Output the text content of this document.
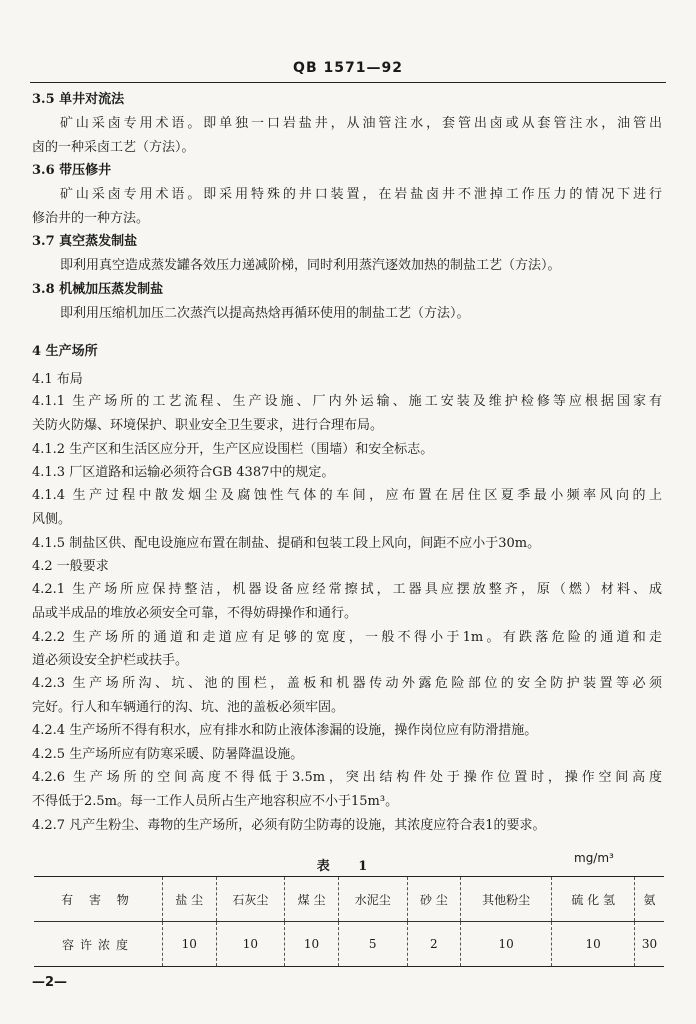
QB 1571—92
3.5 单井对流法
矿山采卤专用术语。即单独一口岩盐井，从油管注水，套管出卤或从套管注水，油管出
卤的一种采卤工艺（方法）。
3.6 带压修井
矿山采卤专用术语。即采用特殊的井口装置，在岩盐卤井不泄掉工作压力的情况下进行
修治井的一种方法。
3.7 真空蒸发制盐
即利用真空造成蒸发罐各效压力递减阶梯，同时利用蒸汽逐效加热的制盐工艺（方法）。
3.8 机械加压蒸发制盐
即利用压缩机加压二次蒸汽以提高热焓再循环使用的制盐工艺（方法）。
4 生产场所
4.1 布局
4.1.1 生产场所的工艺流程、生产设施、厂内外运输、施工安装及维护检修等应根据国家有
关防火防爆、环境保护、职业安全卫生要求，进行合理布局。
4.1.2 生产区和生活区应分开，生产区应设围栏（围墙）和安全标志。
4.1.3 厂区道路和运输必须符合GB 4387中的规定。
4.1.4 生产过程中散发烟尘及腐蚀性气体的车间，应布置在居住区夏季最小频率风向的上
风侧。
4.1.5 制盐区供、配电设施应布置在制盐、提硝和包装工段上风向，间距不应小于30m。
4.2 一般要求
4.2.1 生产场所应保持整洁，机器设备应经常擦拭，工器具应摆放整齐，原（燃）材料、成
品或半成品的堆放必须安全可靠，不得妨碍操作和通行。
4.2.2 生产场所的通道和走道应有足够的宽度，一般不得小于1m。有跌落危险的通道和走
道必须设安全护栏或扶手。
4.2.3 生产场所沟、坑、池的围栏，盖板和机器传动外露危险部位的安全防护装置等必须
完好。行人和车辆通行的沟、坑、池的盖板必须牢固。
4.2.4 生产场所不得有积水，应有排水和防止液体渗漏的设施，操作岗位应有防滑措施。
4.2.5 生产场所应有防寒采暖、防暑降温设施。
4.2.6 生产场所的空间高度不得低于3.5m，突出结构件处于操作位置时，操作空间高度
不得低于2.5m。每一工作人员所占生产地容积应不小于15m³。
4.2.7 凡产生粉尘、毒物的生产场所，必须有防尘防毒的设施，其浓度应符合表1的要求。
表 1
mg/m³
有 害 物	盐 尘	石灰尘	煤 尘	水泥尘	砂 尘	其他粉尘	硫 化 氢	氨
容许浓度	10	10	10	5	2	10	10	30
—2—
